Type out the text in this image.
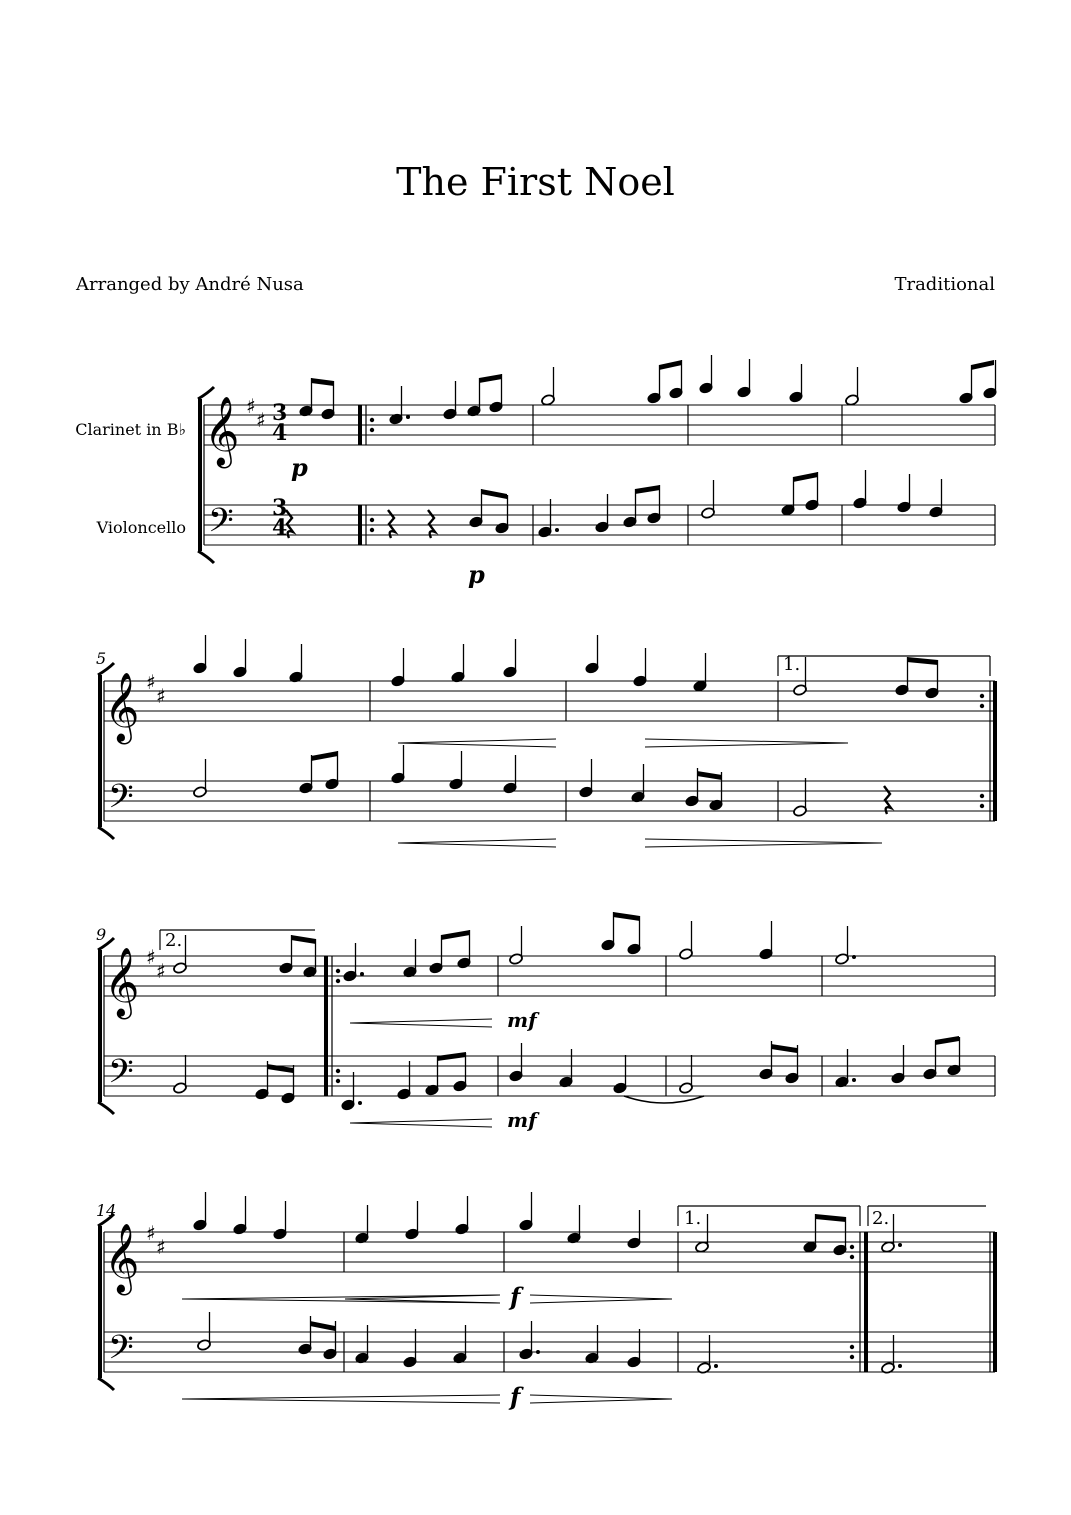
The First Noel
Arranged by André Nusa	Traditional
Clarinet in B♭
Violoncello
𝄞
𝄢
♯
♯
𝄞
𝄢
♯
♯
𝄞
𝄢
♯
♯
𝄞
𝄢
♯
♯
3
4
3
4
5
9
14
1.
2.
1.	2.
p
p
mf
mf
f
f
